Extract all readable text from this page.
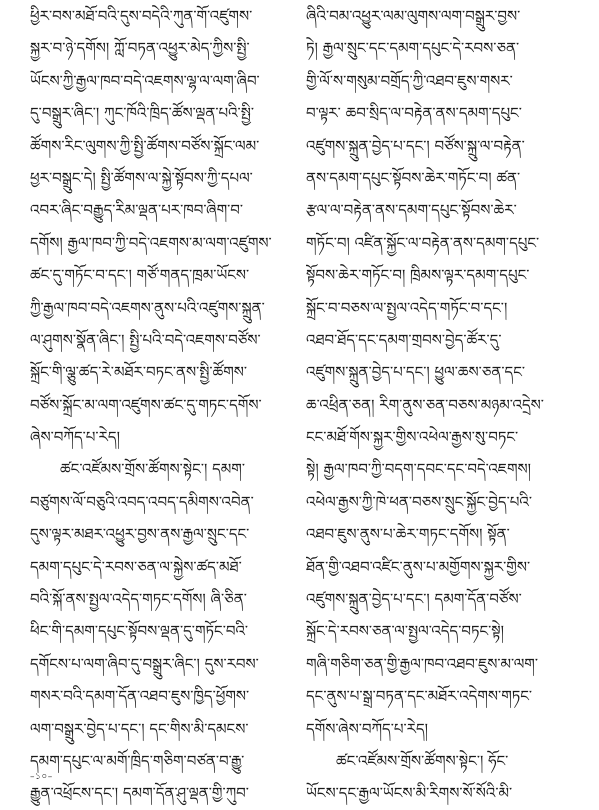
ཕྱིར་བས་མཐོ་བའི་དུས་བདེའི་ཀུན་གོ་འཛུགས་
སྐྱར་བ་ཉེ་དགོས། ཀློ་བཏན་འཕྱུར་མེད་ཀྱིས་སྤྱི་
ཡོངས་ཀྱི་རྒྱལ་ཁབ་བདེ་འཇགས་ལྷ་ལ་ལག་ཞིབ་
དུ་བསྒྲུར་ཞིང་། ཀུང་ཁོའི་ཁྲིད་ཚོས་ལྡན་པའི་སྤྱི་
ཚོགས་རིང་ལུགས་ཀྱི་སྤྱི་ཚོགས་བཙོས་སྐྲོང་ལམ་
ཕྱར་བསྒྲུང་དེ། སྤྱི་ཚོགས་ལ་སྐྱེ་སྟོབས་ཀྱི་དཔལ་
འབར་ཞིང་བརྒྱུད་རིམ་ལྡན་པར་ཁབ་ཞིག་བ་
དགོས། རྒྱལ་ཁབ་ཀྱི་བདེ་འཇགས་མ་ལག་འཛུགས་
ཚང་དུ་གཏོང་བ་དང་། གཙོ་གནད་ཁྲམ་ཡོངས་
ཀྱི་རྒྱལ་ཁབ་བདེ་འཇགས་ནུས་པའི་འཛུགས་སྐྲུན་
ལ་ཤུགས་སྣོན་ཞིང་། སྤྱི་པའི་བདེ་འཇགས་བཙོས་
སྐྲོང་གི་ལྕུ་ཚད་རེ་མཐོར་བཏང་ནས་སྤྱི་ཚོགས་
བཙོས་སྐྲོང་མ་ལག་འཛུགས་ཚང་དུ་གཏང་དགོས་
ཞེས་བཀོད་པ་རེད།
ཚང་འཛོམས་གྲོས་ཚོགས་སྟེང་། དམག་
བཙུགས་ལོ་བཅུའི་འབད་འབད་དམིགས་འབེན་
དུས་ལྟར་མཐར་འཕྱུར་བྱས་ནས་རྒྱལ་སྲུང་དང་
དམག་དཔུང་དེ་རབས་ཅན་ལ་སྐྱེས་ཚད་མཐོ་
བའི་སྐོ་ནས་སྤྱལ་འདེད་གཏང་དགོས། ཞི་ཅིན་
ཕིང་གི་དམག་དཔུང་སྟོབས་ལྡན་དུ་གཏོང་བའི་
དགོངས་པ་ལག་ཞིབ་དུ་བསྒྲུར་ཞིང་། དུས་རབས་
གསར་བའི་དམག་དོན་འཐབ་ཇུས་ཁྱིད་ཕྱོགས་
ལག་བསྒྲུར་བྱེད་པ་དང་། དང་གིས་མི་དམངས་
དམག་དཔུང་ལ་མགོ་ཁྲིད་གཅིག་བཙན་བ་རྒྱུ་
རྒྱུན་འཕྲོངས་དང་། དམག་དོན་ཤུ་ལྡན་གྱི་ཀུབ་
ཞིའི་བམ་འཕྱུར་ལམ་ལུགས་ལག་བསྒྲུར་བྱས་
ཏེ། རྒྱལ་སྲུང་དང་དམག་དཔུང་དེ་རབས་ཅན་
གྱི་ལོ་ས་གསུམ་བགྲོད་ཀྱི་འཐབ་ཇུས་གསར་
བ་ལྟར་ ཆབ་སྲིད་ལ་བརྟེན་ནས་དམག་དཔུང་
འཛུགས་སྐྲུན་བྱེད་པ་དང་། བཙོས་སྐྲུ་ལ་བརྟེན་
ནས་དམག་དཔུང་སྟོབས་ཆེར་གཏོང་བ། ཚན་
རྩལ་ལ་བརྟེན་ནས་དམག་དཔུང་སྟོབས་ཆེར་
གཏོང་བ། འཛིན་སྐྱོང་ལ་བརྟེན་ནས་དམག་དཔུང་
སྟོབས་ཆེར་གཏོང་བ། ཁྲིམས་ལྟར་དམག་དཔུང་
སྐྲོང་བ་བཅས་ལ་སྤྱལ་འདེད་གཏོང་བ་དང་།
འཐབ་ཐོད་དང་དམག་གྲབས་བྱེད་ཚོར་དུ་
འཛུགས་སྐྲུན་བྱེད་པ་དང་། ཕྱུལ་ཆས་ཅན་དང་
ཆ་འཕྲིན་ཅན། རིག་ནུས་ཅན་བཅས་མཉམ་འདྲེས་
ངང་མཐོ་གོས་སྐྱར་གྱིས་འཕེལ་རྒྱས་སུ་བཏང་
སྟེ། རྒྱལ་ཁབ་ཀྱི་བདག་དབང་དང་བདེ་འཇགས།
འཕེལ་རྒྱས་ཀྱི་ཁེ་ཕན་བཅས་སྲུང་སྐྱོང་བྱེད་པའི་
འཐབ་ཇུས་ནུས་པ་ཆེར་གཏང་དགོས། སྟོན་
ཐོན་གྱི་འཐབ་འཛིང་ནུས་པ་མགྱོགས་སྐྱར་གྱིས་
འཛུགས་སྐྲུན་བྱེད་པ་དང་། དམག་དོན་བཙོས་
སྐྲོང་དེ་རབས་ཅན་ལ་སྤྱལ་འདེད་བཏང་སྟེ།
གཞི་གཅིག་ཅན་གྱི་རྒྱལ་ཁབ་འཐབ་ཇུས་མ་ལག་
དང་ནུས་པ་སྒྲ་བཏན་དང་མཐོར་འདེགས་གཏང་
དགོས་ཞེས་བཀོད་པ་རེད།
ཚང་འཛོམས་གྲོས་ཚོགས་སྟེང་། ཧོང་
ཡོངས་དང་རྒྱལ་ཡོངས་མི་རིགས་སོ་སོའི་མི་
–১০–
